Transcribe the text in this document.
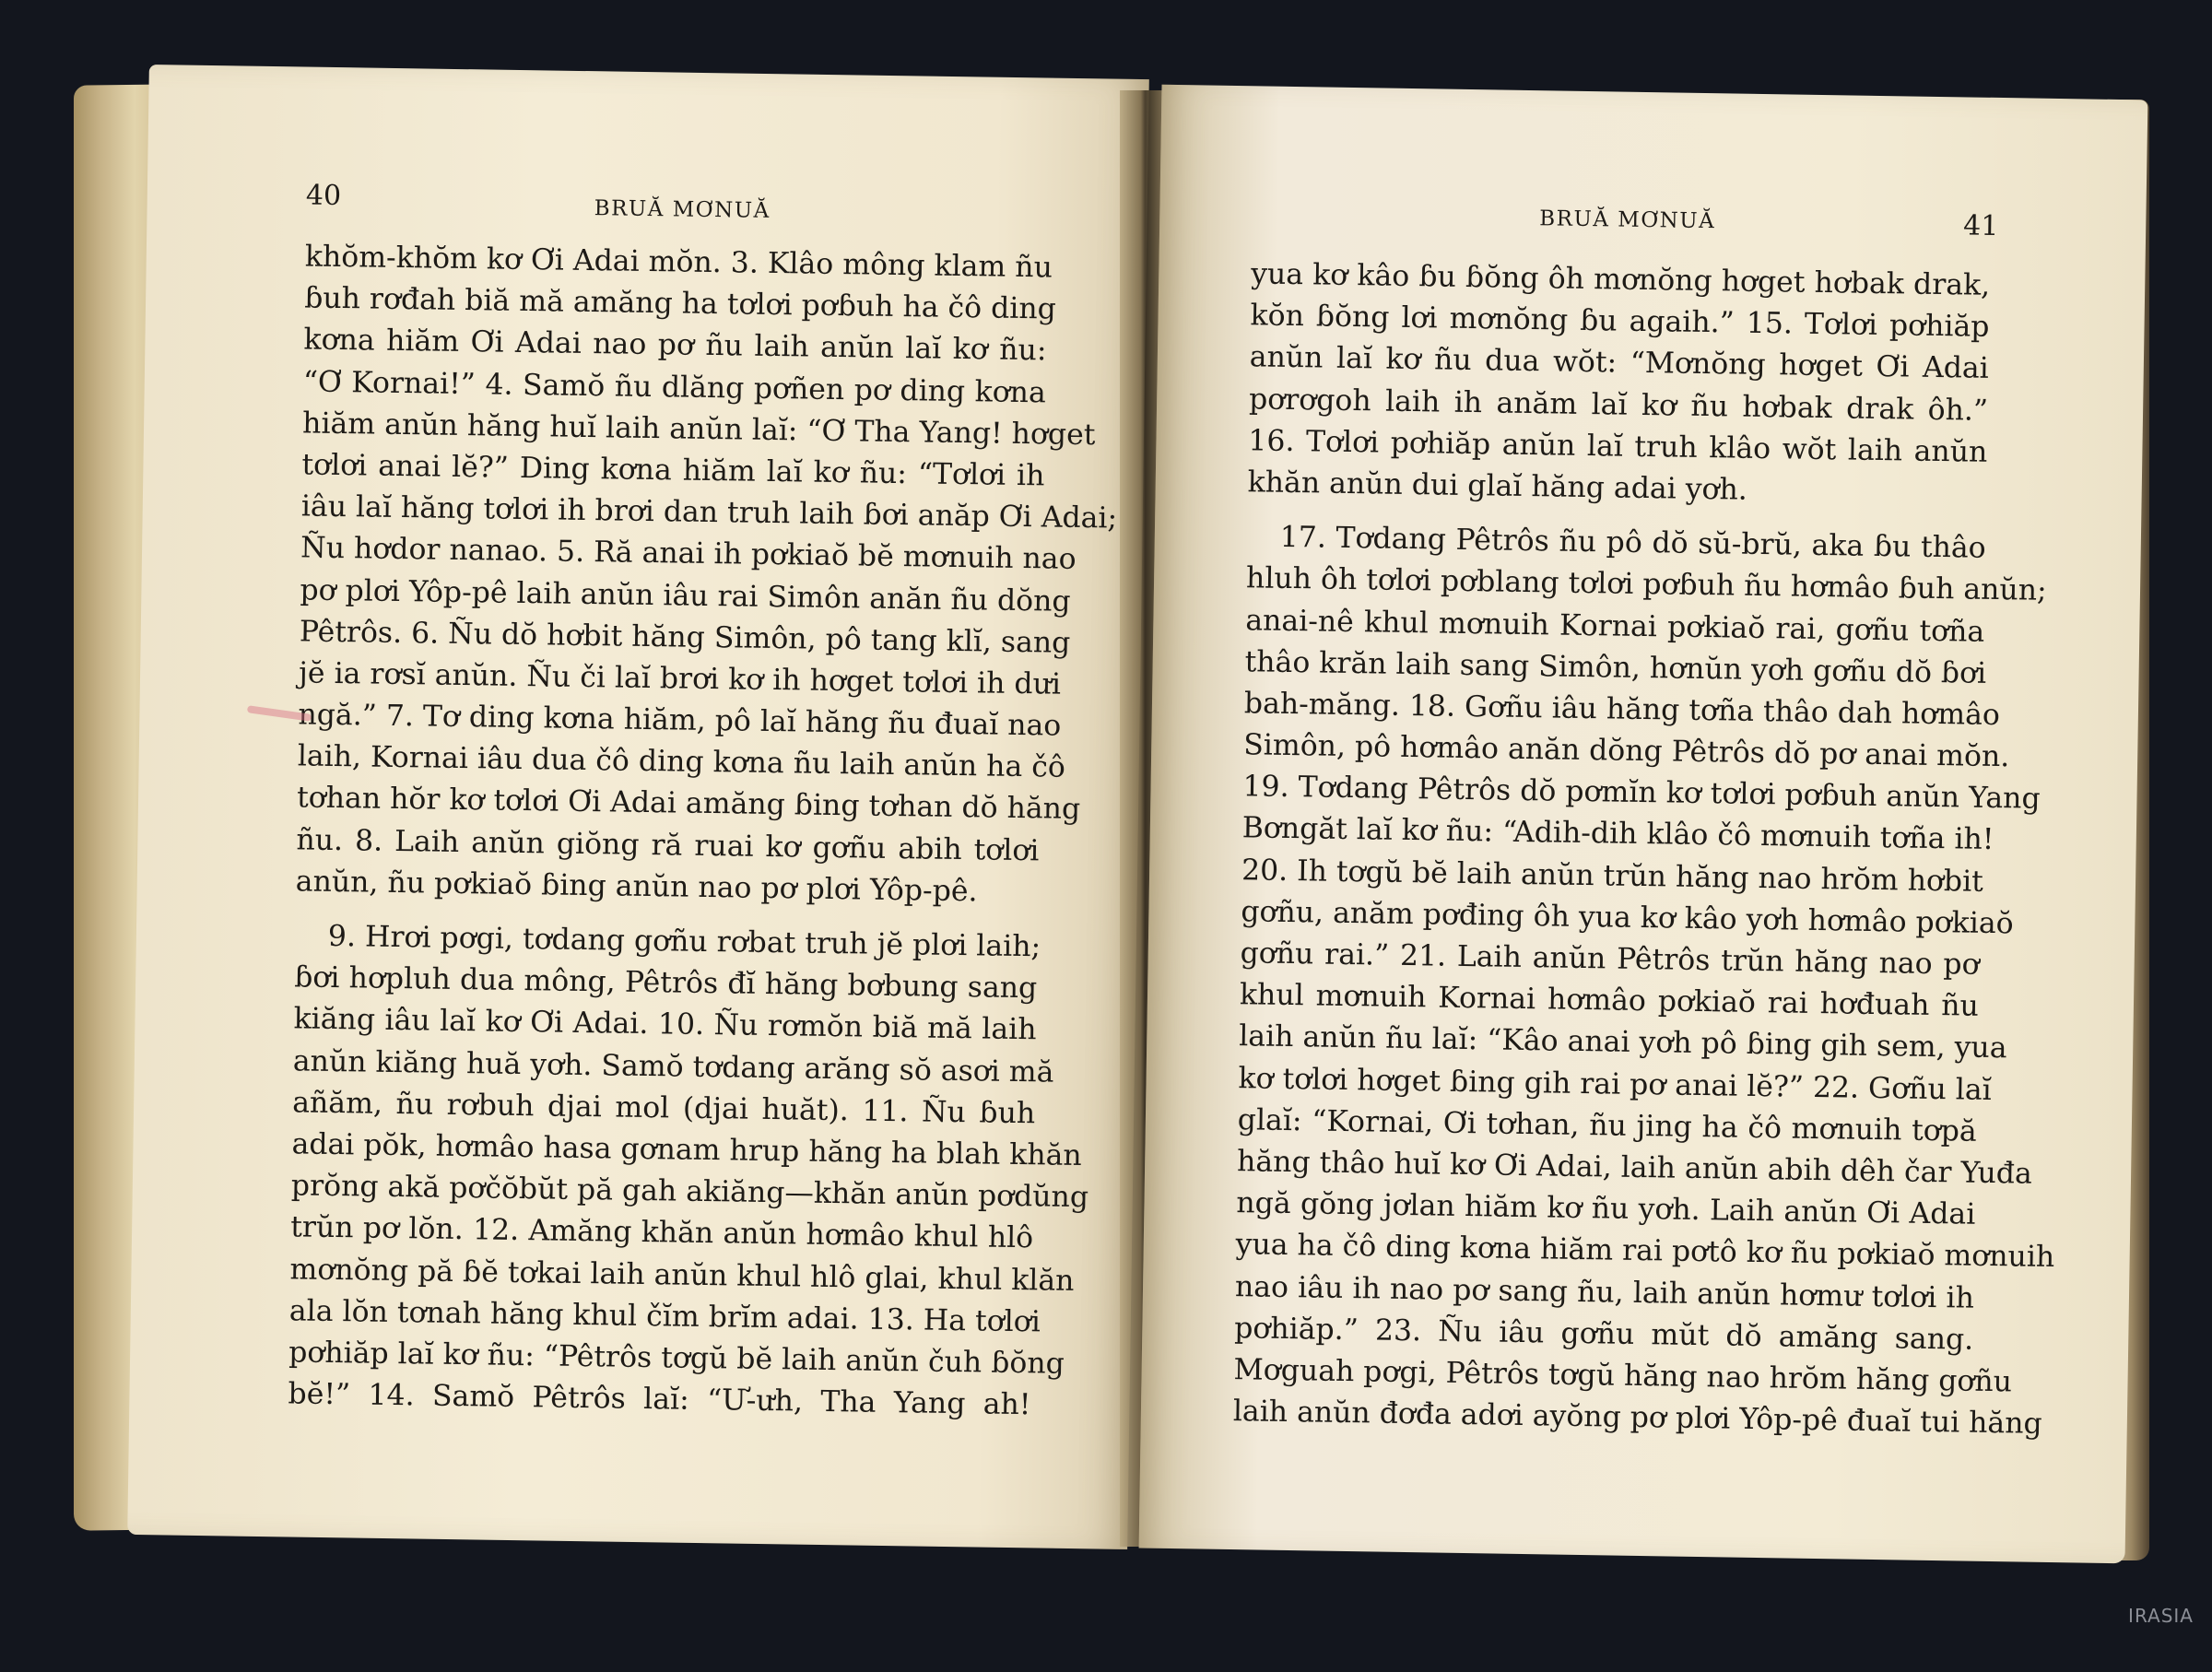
40	BRUĂ MƠNUĂ
khŏm-khŏm kơ Ơi Adai mŏn. 3. Klâo mông klam ñu
ɓuh rơđah biă mă amăng ha tơlơi pơɓuh ha čô ding
kơna hiăm Ơi Adai nao pơ ñu laih anŭn laĭ kơ ñu:
“Ơ Kornai!” 4. Samŏ ñu dlăng pơñen pơ ding kơna
hiăm anŭn hăng huĭ laih anŭn laĭ: “Ơ Tha Yang! hơget
tơlơi anai lĕ?” Ding kơna hiăm laĭ kơ ñu: “Tơlơi ih
iâu laĭ hăng tơlơi ih brơi dan truh laih ɓơi anăp Ơi Adai;
Ñu hơdor nanao. 5. Ră anai ih pơkiaŏ bĕ mơnuih nao
pơ plơi Yôp-pê laih anŭn iâu rai Simôn anăn ñu dŏng
Pêtrôs. 6. Ñu dŏ hơbit hăng Simôn, pô tang klĭ, sang
jĕ ia rơsĭ anŭn. Ñu či laĭ brơi kơ ih hơget tơlơi ih dưi
ngă.” 7. Tơ ding kơna hiăm, pô laĭ hăng ñu đuaĭ nao
laih, Kornai iâu dua čô ding kơna ñu laih anŭn ha čô
tơhan hŏr kơ tơlơi Ơi Adai amăng ɓing tơhan dŏ hăng
ñu. 8. Laih anŭn giŏng ră ruai kơ gơñu abih tơlơi
anŭn, ñu pơkiaŏ ɓing anŭn nao pơ plơi Yôp-pê.
9. Hrơi pơgi, tơdang gơñu rơbat truh jĕ plơi laih;
ɓơi hơpluh dua mông, Pêtrôs đĭ hăng bơbung sang
kiăng iâu laĭ kơ Ơi Adai. 10. Ñu rơmŏn biă mă laih
anŭn kiăng huă yơh. Samŏ tơdang arăng sŏ asơi mă
añăm, ñu rơbuh djai mol (djai huăt). 11. Ñu ɓuh
adai pŏk, hơmâo hasa gơnam hrup hăng ha blah khăn
prŏng akă pơčŏbŭt pă gah akiăng—khăn anŭn pơdŭng
trŭn pơ lŏn. 12. Amăng khăn anŭn hơmâo khul hlô
mơnŏng pă ɓĕ tơkai laih anŭn khul hlô glai, khul klăn
ala lŏn tơnah hăng khul čĭm brĭm adai. 13. Ha tơlơi
pơhiăp laĭ kơ ñu: “Pêtrôs tơgŭ bĕ laih anŭn čuh ɓŏng
bĕ!” 14. Samŏ Pêtrôs laĭ: “Ư-ưh, Tha Yang ah!
41
BRUĂ MƠNUĂ
yua kơ kâo ɓu ɓŏng ôh mơnŏng hơget hơbak drak,
kŏn ɓŏng lơi mơnŏng ɓu agaih.” 15. Tơlơi pơhiăp
anŭn laĭ kơ ñu dua wŏt: “Mơnŏng hơget Ơi Adai
pơrơgoh laih ih anăm laĭ kơ ñu hơbak drak ôh.”
16. Tơlơi pơhiăp anŭn laĭ truh klâo wŏt laih anŭn
khăn anŭn dui glaĭ hăng adai yơh.
17. Tơdang Pêtrôs ñu pô dŏ sŭ-brŭ, aka ɓu thâo
hluh ôh tơlơi pơblang tơlơi pơɓuh ñu hơmâo ɓuh anŭn;
anai-nê khul mơnuih Kornai pơkiaŏ rai, gơñu tơña
thâo krăn laih sang Simôn, hơnŭn yơh gơñu dŏ ɓơi
bah-măng. 18. Gơñu iâu hăng tơña thâo dah hơmâo
Simôn, pô hơmâo anăn dŏng Pêtrôs dŏ pơ anai mŏn.
19. Tơdang Pêtrôs dŏ pơmĭn kơ tơlơi pơɓuh anŭn Yang
Bơngăt laĭ kơ ñu: “Adih-dih klâo čô mơnuih tơña ih!
20. Ih tơgŭ bĕ laih anŭn trŭn hăng nao hrŏm hơbit
gơñu, anăm pơđing ôh yua kơ kâo yơh hơmâo pơkiaŏ
gơñu rai.” 21. Laih anŭn Pêtrôs trŭn hăng nao pơ
khul mơnuih Kornai hơmâo pơkiaŏ rai hơđuah ñu
laih anŭn ñu laĭ: “Kâo anai yơh pô ɓing gih sem, yua
kơ tơlơi hơget ɓing gih rai pơ anai lĕ?” 22. Gơñu laĭ
glaĭ: “Kornai, Ơi tơhan, ñu jing ha čô mơnuih tơpă
hăng thâo huĭ kơ Ơi Adai, laih anŭn abih dêh čar Yuđa
ngă gŏng jơlan hiăm kơ ñu yơh. Laih anŭn Ơi Adai
yua ha čô ding kơna hiăm rai pơtô kơ ñu pơkiaŏ mơnuih
nao iâu ih nao pơ sang ñu, laih anŭn hơmư tơlơi ih
pơhiăp.” 23. Ñu iâu gơñu mŭt dŏ amăng sang.
Mơguah pơgi, Pêtrôs tơgŭ hăng nao hrŏm hăng gơñu
laih anŭn đơđa adơi ayŏng pơ plơi Yôp-pê đuaĭ tui hăng
IRASIA
